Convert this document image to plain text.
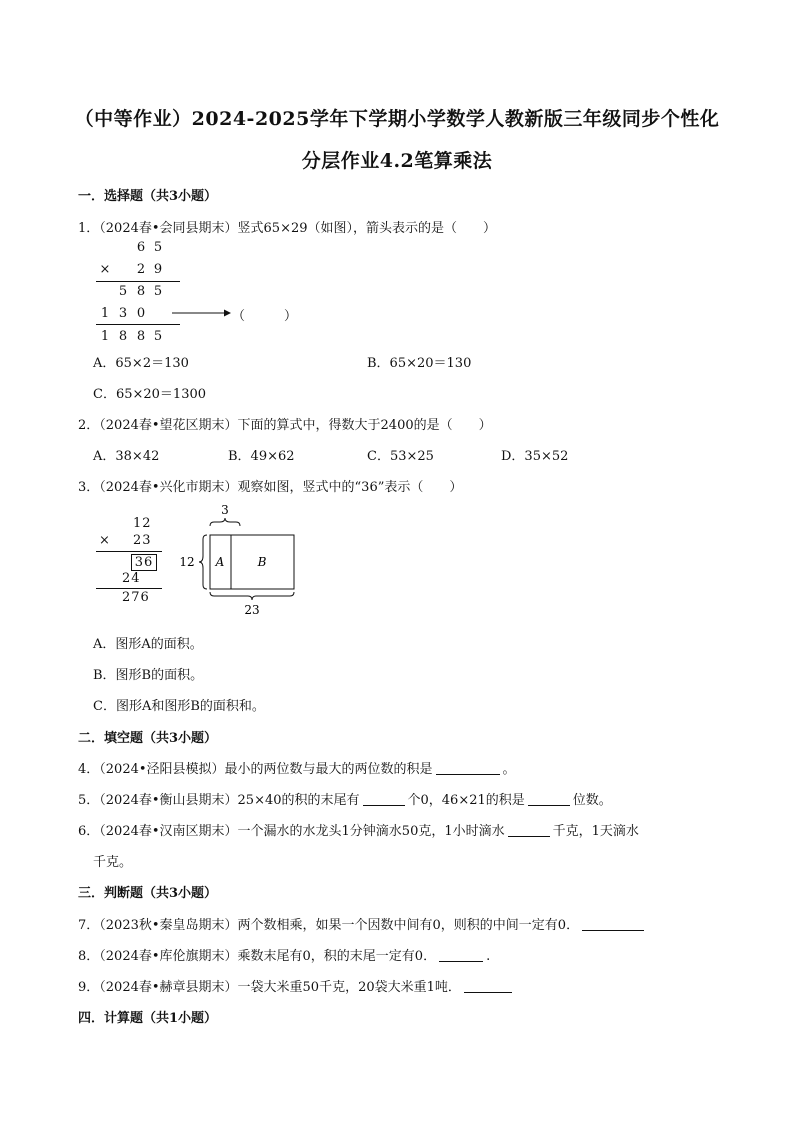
（中等作业）2024-2025学年下学期小学数学人教新版三年级同步个性化
分层作业4.2笔算乘法
一．选择题（共3小题）
1．（2024春•会同县期末）竖式65×29（如图），箭头表示的是（　　）
6 5
× 2 9
5 8 5
1 3 0
1 8 8 5
（　　　）
A．65×2＝130	B．65×20＝130
C．65×20＝1300
2．（2024春•望花区期末）下面的算式中，得数大于2400的是（　　）
A．38×42	B．49×62	C．53×25	D．35×52
3．（2024春•兴化市期末）观察如图，竖式中的“36”表示（　　）
12
× 23
36
24
276
3
12 A	B
23
A．图形A的面积。
B．图形B的面积。
C．图形A和图形B的面积和。
二．填空题（共3小题）
4．（2024•泾阳县模拟）最小的两位数与最大的两位数的积是	。
5．（2024春•衡山县期末）25×40的积的末尾有	个0，46×21的积是	位数。
6．（2024春•汉南区期末）一个漏水的水龙头1分钟滴水50克，1小时滴水	千克，1天滴水
千克。
三．判断题（共3小题）
7．（2023秋•秦皇岛期末）两个数相乘，如果一个因数中间有0，则积的中间一定有0．
8．（2024春•库伦旗期末）乘数末尾有0，积的末尾一定有0．	.
9．（2024春•赫章县期末）一袋大米重50千克，20袋大米重1吨．
四．计算题（共1小题）
